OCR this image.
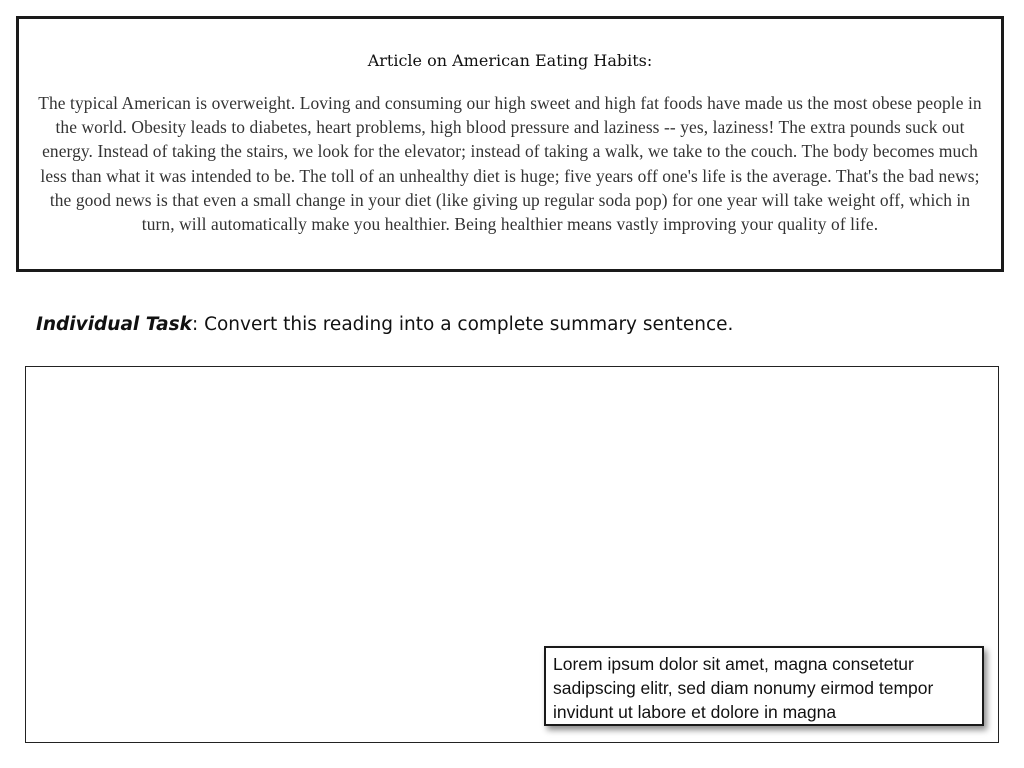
Article on American Eating Habits:

The typical American is overweight. Loving and consuming our high sweet and high fat foods have made us the most obese people in the world. Obesity leads to diabetes, heart problems, high blood pressure and laziness -- yes, laziness! The extra pounds suck out energy. Instead of taking the stairs, we look for the elevator; instead of taking a walk, we take to the couch. The body becomes much less than what it was intended to be. The toll of an unhealthy diet is huge; five years off one's life is the average. That's the bad news; the good news is that even a small change in your diet (like giving up regular soda pop) for one year will take weight off, which in turn, will automatically make you healthier. Being healthier means vastly improving your quality of life.

Individual Task: Convert this reading into a complete summary sentence.
Lorem ipsum dolor sit amet, magna consetetur sadipscing elitr, sed diam nonumy eirmod tempor invidunt ut labore et dolore in magna
